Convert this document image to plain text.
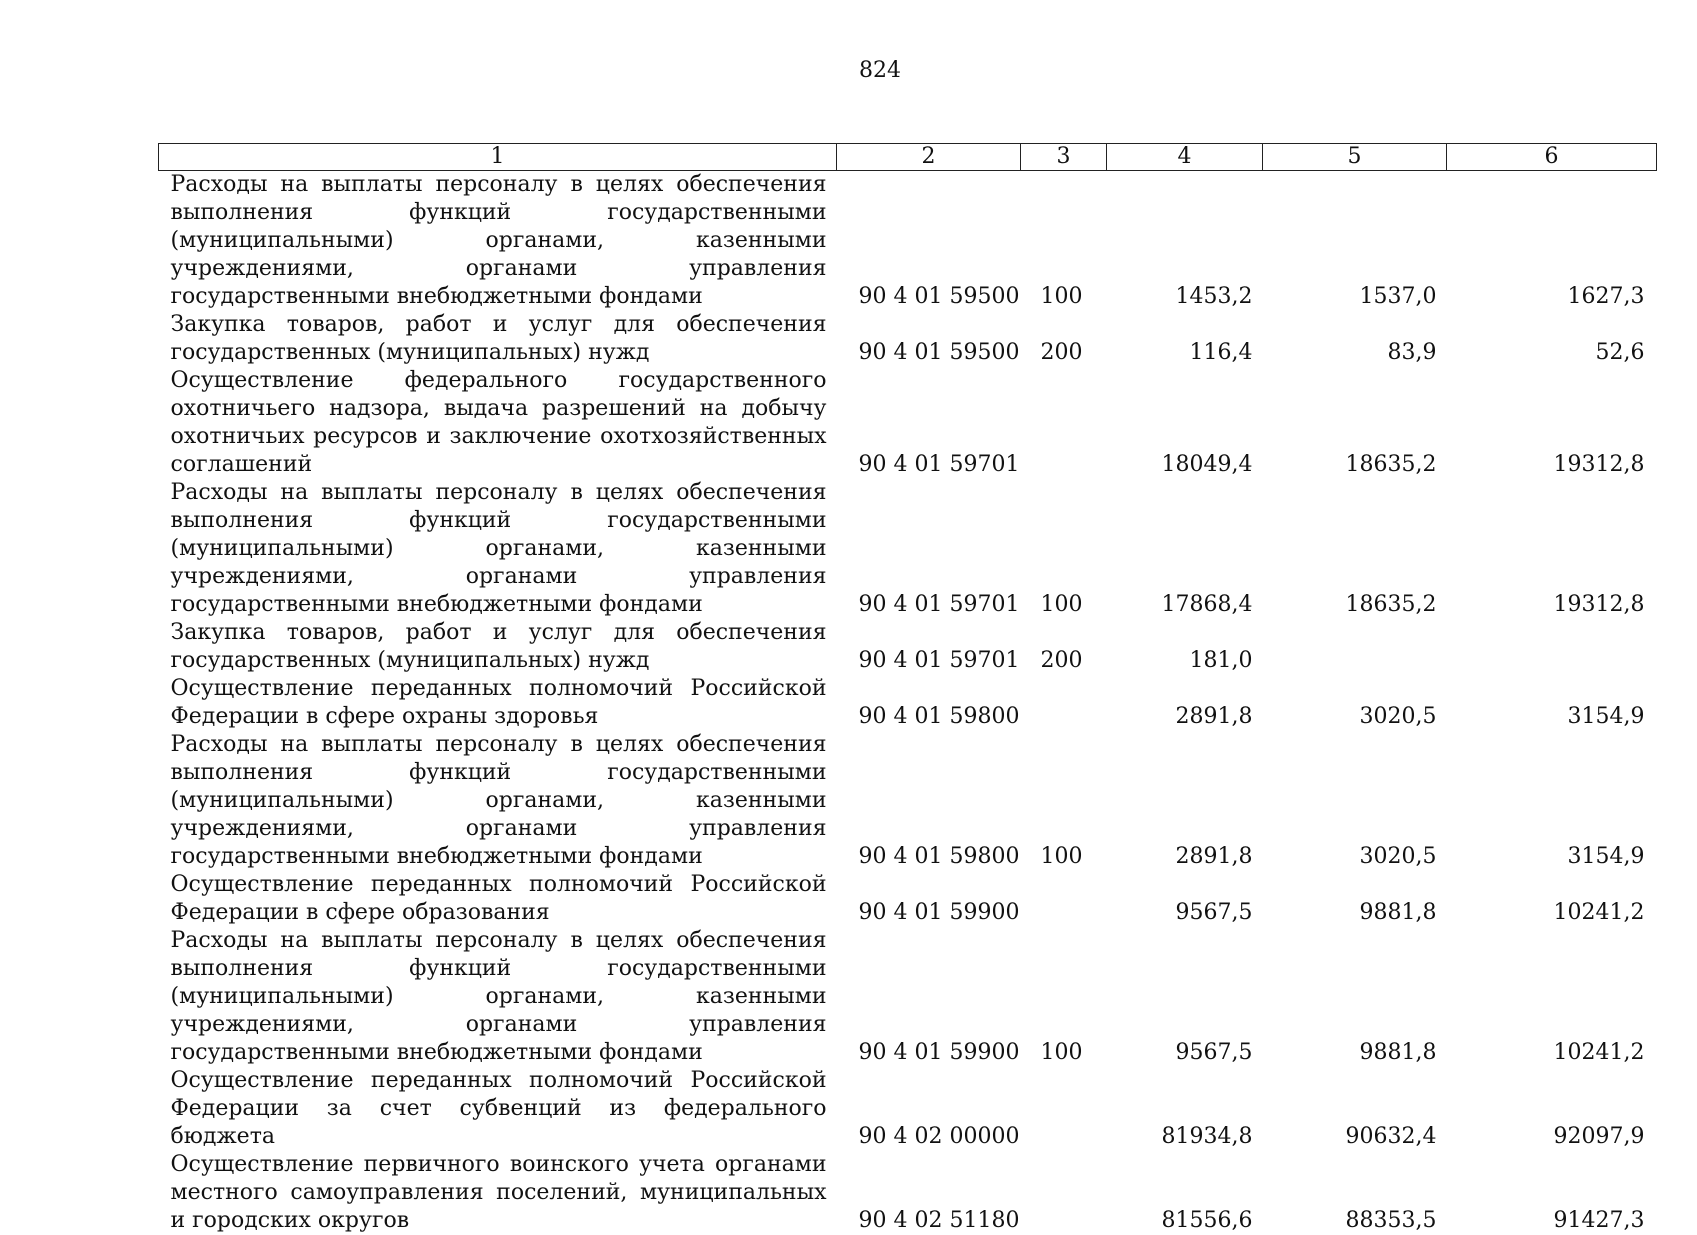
824
1	2	3	4	5	6
Расходы на выплаты персоналу в целях обеспечения выполнения функций государственными (муниципальными) органами, казенными учреждениями, органами управления государственными внебюджетными фондами	90 4 01 59500	100	1453,2	1537,0	1627,3
Закупка товаров, работ и услуг для обеспечения государственных (муниципальных) нужд	90 4 01 59500	200	116,4	83,9	52,6
Осуществление федерального государственного охотничьего надзора, выдача разрешений на добычу охотничьих ресурсов и заключение охотхозяйственных соглашений	90 4 01 59701		18049,4	18635,2	19312,8
Расходы на выплаты персоналу в целях обеспечения выполнения функций государственными (муниципальными) органами, казенными учреждениями, органами управления государственными внебюджетными фондами	90 4 01 59701	100	17868,4	18635,2	19312,8
Закупка товаров, работ и услуг для обеспечения государственных (муниципальных) нужд	90 4 01 59701	200	181,0		
Осуществление переданных полномочий Российской Федерации в сфере охраны здоровья	90 4 01 59800		2891,8	3020,5	3154,9
Расходы на выплаты персоналу в целях обеспечения выполнения функций государственными (муниципальными) органами, казенными учреждениями, органами управления государственными внебюджетными фондами	90 4 01 59800	100	2891,8	3020,5	3154,9
Осуществление переданных полномочий Российской Федерации в сфере образования	90 4 01 59900		9567,5	9881,8	10241,2
Расходы на выплаты персоналу в целях обеспечения выполнения функций государственными (муниципальными) органами, казенными учреждениями, органами управления государственными внебюджетными фондами	90 4 01 59900	100	9567,5	9881,8	10241,2
Осуществление переданных полномочий Российской Федерации за счет субвенций из федерального бюджета	90 4 02 00000		81934,8	90632,4	92097,9
Осуществление первичного воинского учета органами местного самоуправления поселений, муниципальных и городских округов	90 4 02 51180		81556,6	88353,5	91427,3
